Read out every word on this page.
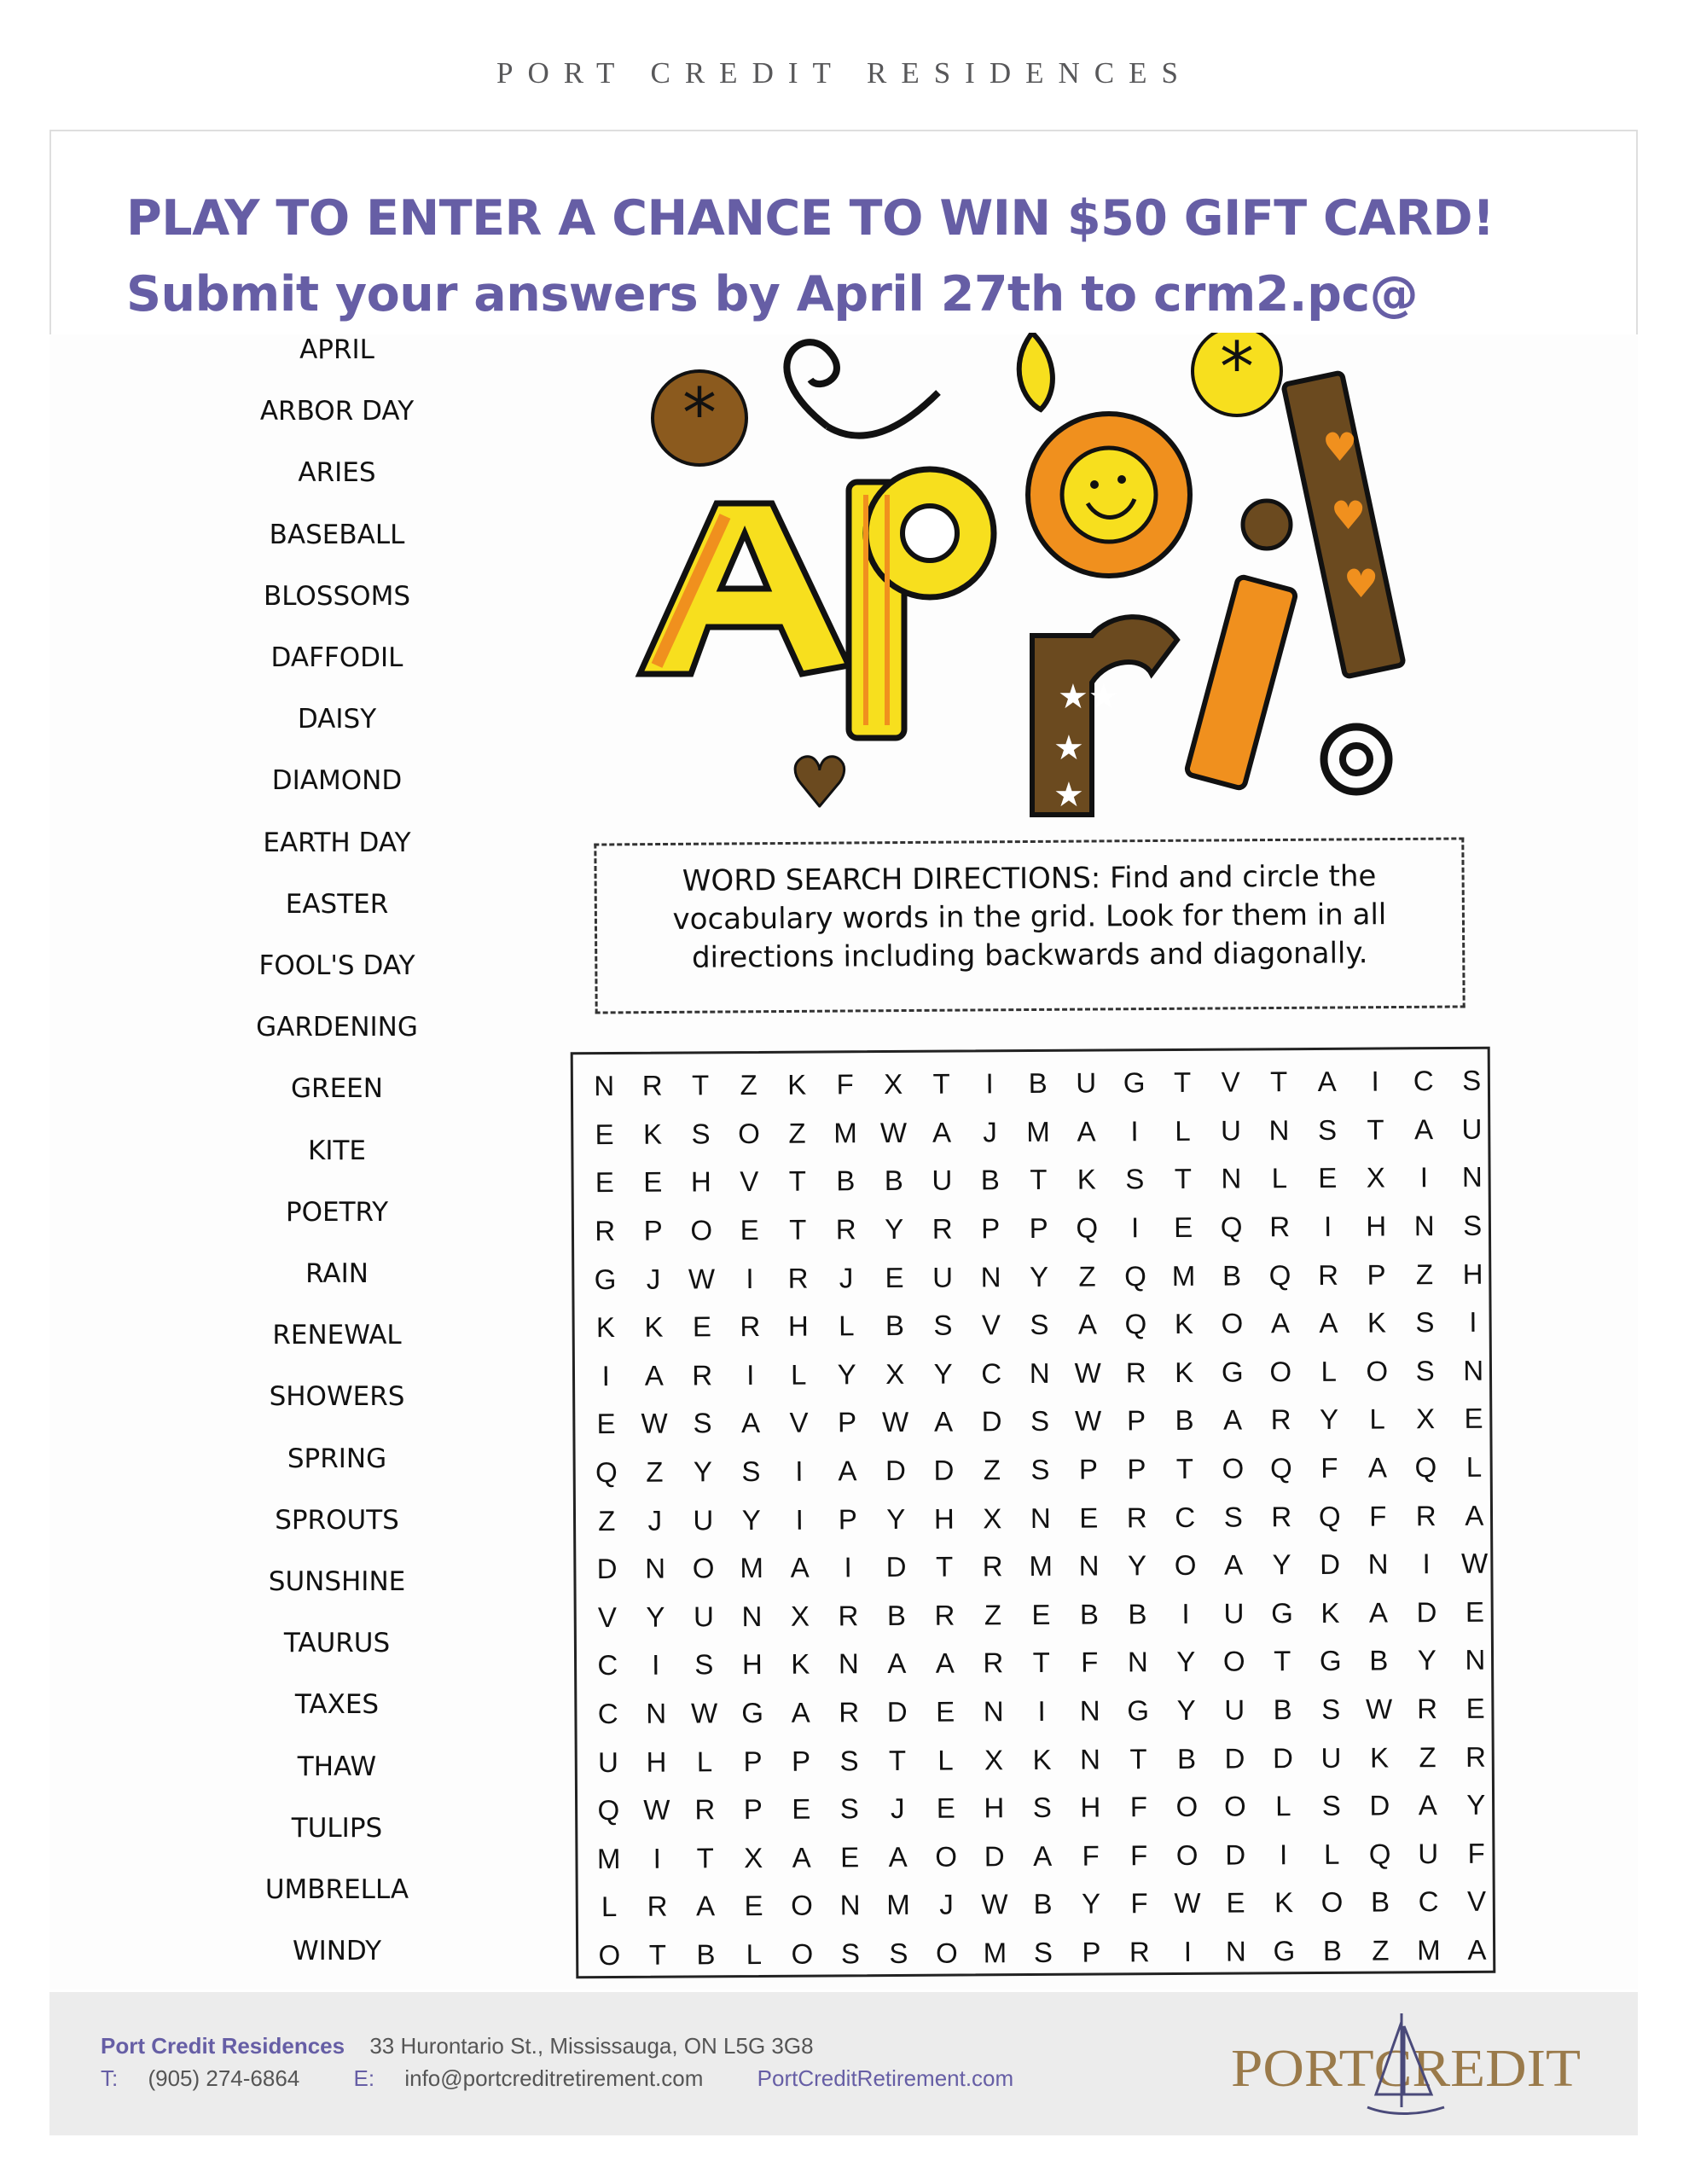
PORT CREDIT RESIDENCES
PLAY TO ENTER A CHANCE TO WIN $50 GIFT CARD!
Submit your answers by April 27th to crm2.pc@
APRIL
ARBOR DAY
ARIES
BASEBALL
BLOSSOMS
DAFFODIL
DAISY
DIAMOND
EARTH DAY
EASTER
FOOL'S DAY
GARDENING
GREEN
KITE
POETRY
RAIN
RENEWAL
SHOWERS
SPRING
SPROUTS
SUNSHINE
TAURUS
TAXES
THAW
TULIPS
UMBRELLA
WINDY
*
*
★★
★
★
♥
♥
♥
♥
WORD SEARCH DIRECTIONS: Find and circle the
vocabulary words in the grid. Look for them in all
directions including backwards and diagonally.
N R	T	Z	K	F	X	T	I	B	U G	T	V	T	A	I	C	S
E	K	S O	Z M W A	J	M A	I	L	U N	S	T	A	U
E	E	H	V	T	B	B	U	B	T	K	S	T	N	L	E	X	I	N
R	P O E	T	R	Y	R	P	P Q	I	E Q R	I	H N	S
G	J W	I	R	J	E	U N	Y	Z	Q M B Q R	P	Z	H
K	K	E	R H	L	B	S	V	S	A Q K O A	A	K	S	I
I	A	R	I	L	Y	X	Y	C N W R	K G O	L	O S	N
E W S	A	V	P W A	D	S W P	B	A	R	Y	L	X	E
Q	Z	Y	S	I	A	D D	Z	S	P	P	T	O Q	F	A Q	L
Z	J	U	Y	I	P	Y	H	X	N	E	R C	S	R Q	F	R	A
D N O M A	I	D	T	R M N	Y O A	Y	D N	I	W
V	Y	U N	X	R	B	R	Z	E	B	B	I	U G K	A	D	E
C	I	S	H	K	N	A	A	R	T	F	N	Y O	T	G B	Y	N
C N W G A	R D	E	N	I	N G Y	U	B	S W R	E
U H	L	P	P	S	T	L	X	K	N	T	B	D D U	K	Z	R
Q W R	P	E	S	J	E	H	S	H	F	O O	L	S	D	A	Y
M	I	T	X	A	E	A O D	A	F	F	O D	I	L	Q U	F
L	R	A	E O N M	J W B	Y	F W E	K O B	C	V
O	T	B	L	O S	S O M S	P	R	I	N G B	Z M A
Port Credit Residences 33 Hurontario St., Mississauga, ON L5G 3G8
T: (905) 274-6864 E: info@portcreditretirement.com PortCreditRetirement.com	PORTCREDIT
